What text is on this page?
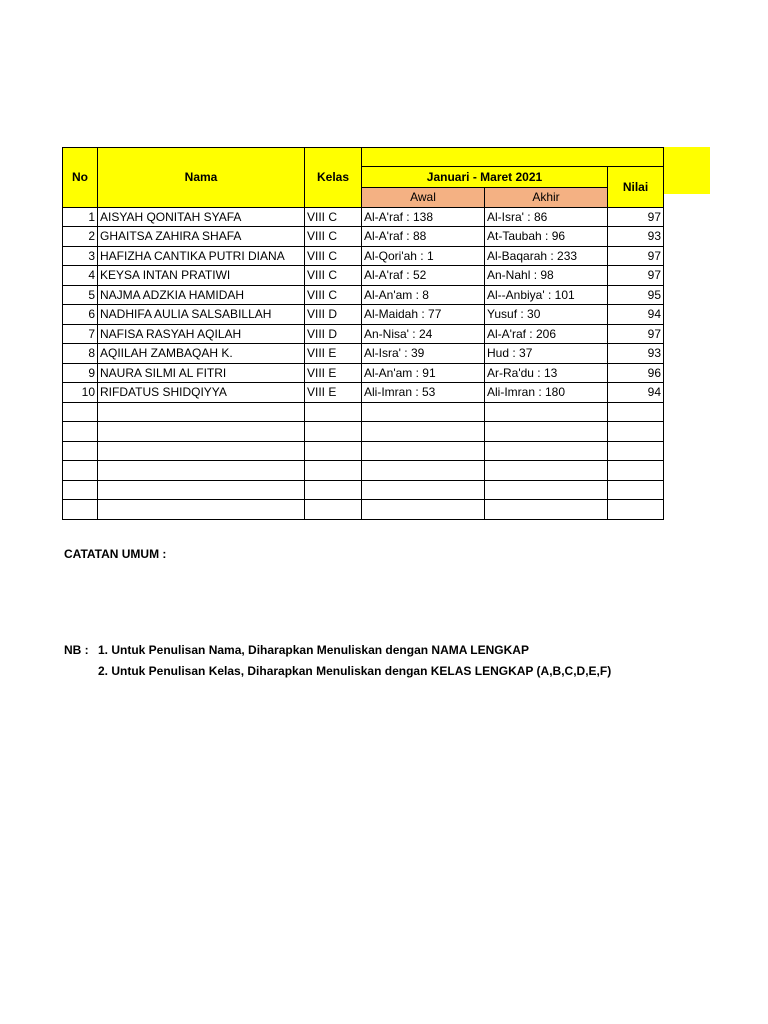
No	Nama	Kelas			
			Januari - Maret 2021		Nilai
			Awal	Akhir	
1	AISYAH QONITAH SYAFA	VIII C	Al-A'raf : 138	Al-Isra' : 86	97
2	GHAITSA ZAHIRA SHAFA	VIII C	Al-A'raf : 88	At-Taubah : 96	93
3	HAFIZHA CANTIKA PUTRI DIANA	VIII C	Al-Qori'ah : 1	Al-Baqarah : 233	97
4	KEYSA INTAN PRATIWI	VIII C	Al-A'raf : 52	An-Nahl : 98	97
5	NAJMA ADZKIA HAMIDAH	VIII C	Al-An'am : 8	Al--Anbiya' : 101	95
6	NADHIFA AULIA SALSABILLAH	VIII D	Al-Maidah : 77	Yusuf : 30	94
7	NAFISA RASYAH AQILAH	VIII D	An-Nisa' : 24	Al-A'raf : 206	97
8	AQIILAH ZAMBAQAH K.	VIII E	Al-Isra' : 39	Hud : 37	93
9	NAURA SILMI AL FITRI	VIII E	Al-An'am : 91	Ar-Ra'du : 13	96
10	RIFDATUS SHIDQIYYA	VIII E	Ali-Imran : 53	Ali-Imran : 180	94

CATATAN UMUM :
NB : 1. Untuk Penulisan Nama, Diharapkan Menuliskan dengan NAMA LENGKAP
2. Untuk Penulisan Kelas, Diharapkan Menuliskan dengan KELAS LENGKAP (A,B,C,D,E,F)
